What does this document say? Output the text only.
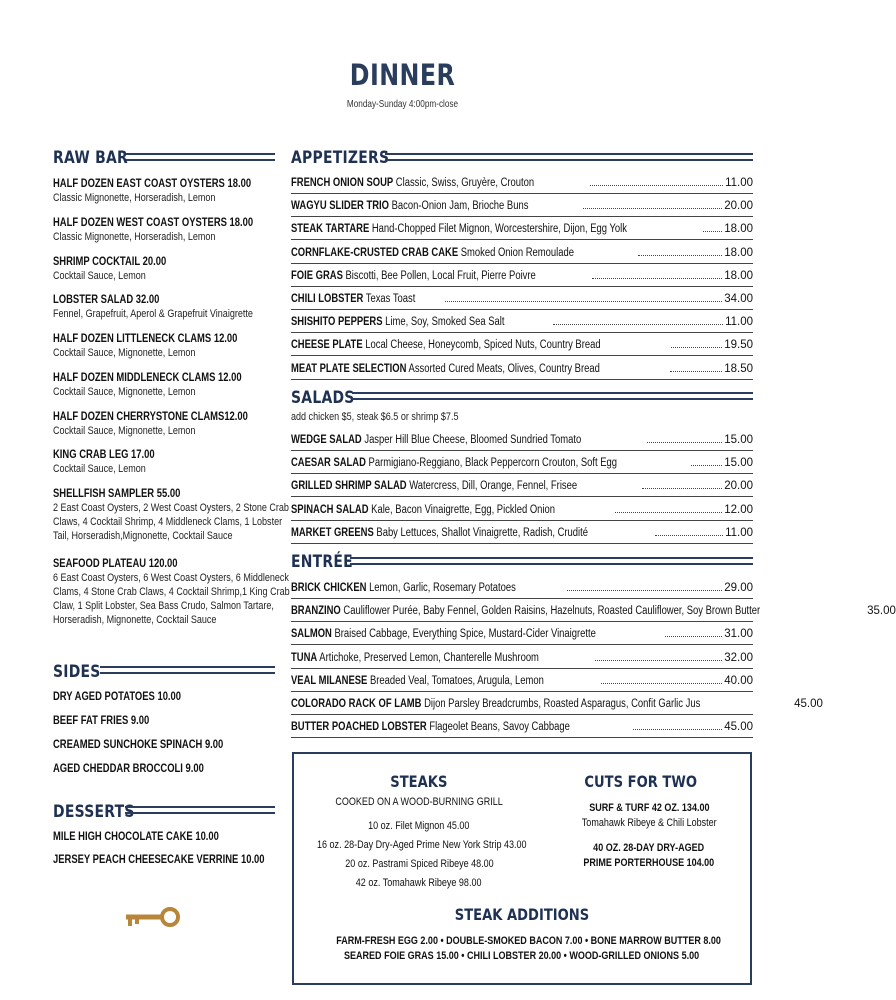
DINNER
Monday-Sunday 4:00pm-close
RAW BAR
HALF DOZEN EAST COAST OYSTERS 18.00
Classic Mignonette, Horseradish, Lemon
HALF DOZEN WEST COAST OYSTERS 18.00
Classic Mignonette, Horseradish, Lemon
SHRIMP COCKTAIL 20.00
Cocktail Sauce, Lemon
LOBSTER SALAD 32.00
Fennel, Grapefruit, Aperol & Grapefruit Vinaigrette
HALF DOZEN LITTLENECK CLAMS 12.00
Cocktail Sauce, Mignonette, Lemon
HALF DOZEN MIDDLENECK CLAMS 12.00
Cocktail Sauce, Mignonette, Lemon
HALF DOZEN CHERRYSTONE CLAMS12.00
Cocktail Sauce, Mignonette, Lemon
KING CRAB LEG 17.00
Cocktail Sauce, Lemon
SHELLFISH SAMPLER 55.00
2 East Coast Oysters, 2 West Coast Oysters, 2 Stone Crab
Claws, 4 Cocktail Shrimp, 4 Middleneck Clams, 1 Lobster
Tail, Horseradish,Mignonette, Cocktail Sauce
SEAFOOD PLATEAU 120.00
6 East Coast Oysters, 6 West Coast Oysters, 6 Middleneck
Clams, 4 Stone Crab Claws, 4 Cocktail Shrimp,1 King Crab
Claw, 1 Split Lobster, Sea Bass Crudo, Salmon Tartare,
Horseradish, Mignonette, Cocktail Sauce
SIDES
DRY AGED POTATOES 10.00
BEEF FAT FRIES 9.00
CREAMED SUNCHOKE SPINACH 9.00
AGED CHEDDAR BROCCOLI 9.00
DESSERTS
MILE HIGH CHOCOLATE CAKE 10.00
JERSEY PEACH CHEESECAKE VERRINE 10.00
APPETIZERS
FRENCH ONION SOUP Classic, Swiss, Gruyère, Crouton	11.00
WAGYU SLIDER TRIO Bacon-Onion Jam, Brioche Buns	20.00
STEAK TARTARE Hand-Chopped Filet Mignon, Worcestershire, Dijon, Egg Yolk	18.00
CORNFLAKE-CRUSTED CRAB CAKE Smoked Onion Remoulade	18.00
FOIE GRAS Biscotti, Bee Pollen, Local Fruit, Pierre Poivre	18.00
CHILI LOBSTER Texas Toast	34.00
SHISHITO PEPPERS Lime, Soy, Smoked Sea Salt	11.00
CHEESE PLATE Local Cheese, Honeycomb, Spiced Nuts, Country Bread	19.50
MEAT PLATE SELECTION Assorted Cured Meats, Olives, Country Bread	18.50
SALADS
add chicken $5, steak $6.5 or shrimp $7.5
WEDGE SALAD Jasper Hill Blue Cheese, Bloomed Sundried Tomato	15.00
CAESAR SALAD Parmigiano-Reggiano, Black Peppercorn Crouton, Soft Egg	15.00
GRILLED SHRIMP SALAD Watercress, Dill, Orange, Fennel, Frisee	20.00
SPINACH SALAD Kale, Bacon Vinaigrette, Egg, Pickled Onion	12.00
MARKET GREENS Baby Lettuces, Shallot Vinaigrette, Radish, Crudité	11.00
ENTRÉE
BRICK CHICKEN Lemon, Garlic, Rosemary Potatoes	29.00
BRANZINO Cauliflower Purée, Baby Fennel, Golden Raisins, Hazelnuts, Roasted Cauliflower, Soy Brown Butter	35.00
SALMON Braised Cabbage, Everything Spice, Mustard-Cider Vinaigrette	31.00
TUNA Artichoke, Preserved Lemon, Chanterelle Mushroom	32.00
VEAL MILANESE Breaded Veal, Tomatoes, Arugula, Lemon	40.00
COLORADO RACK OF LAMB Dijon Parsley Breadcrumbs, Roasted Asparagus, Confit Garlic Jus	45.00
BUTTER POACHED LOBSTER Flageolet Beans, Savoy Cabbage	45.00
STEAKS
COOKED ON A WOOD-BURNING GRILL
10 oz. Filet Mignon 45.00
16 oz. 28-Day Dry-Aged Prime New York Strip 43.00
20 oz. Pastrami Spiced Ribeye 48.00
42 oz. Tomahawk Ribeye 98.00
CUTS FOR TWO
SURF & TURF 42 OZ. 134.00
Tomahawk Ribeye & Chili Lobster
40 OZ. 28-DAY DRY-AGED
PRIME PORTERHOUSE 104.00
STEAK ADDITIONS
FARM-FRESH EGG 2.00 • DOUBLE-SMOKED BACON 7.00 • BONE MARROW BUTTER 8.00
SEARED FOIE GRAS 15.00 • CHILI LOBSTER 20.00 • WOOD-GRILLED ONIONS 5.00
